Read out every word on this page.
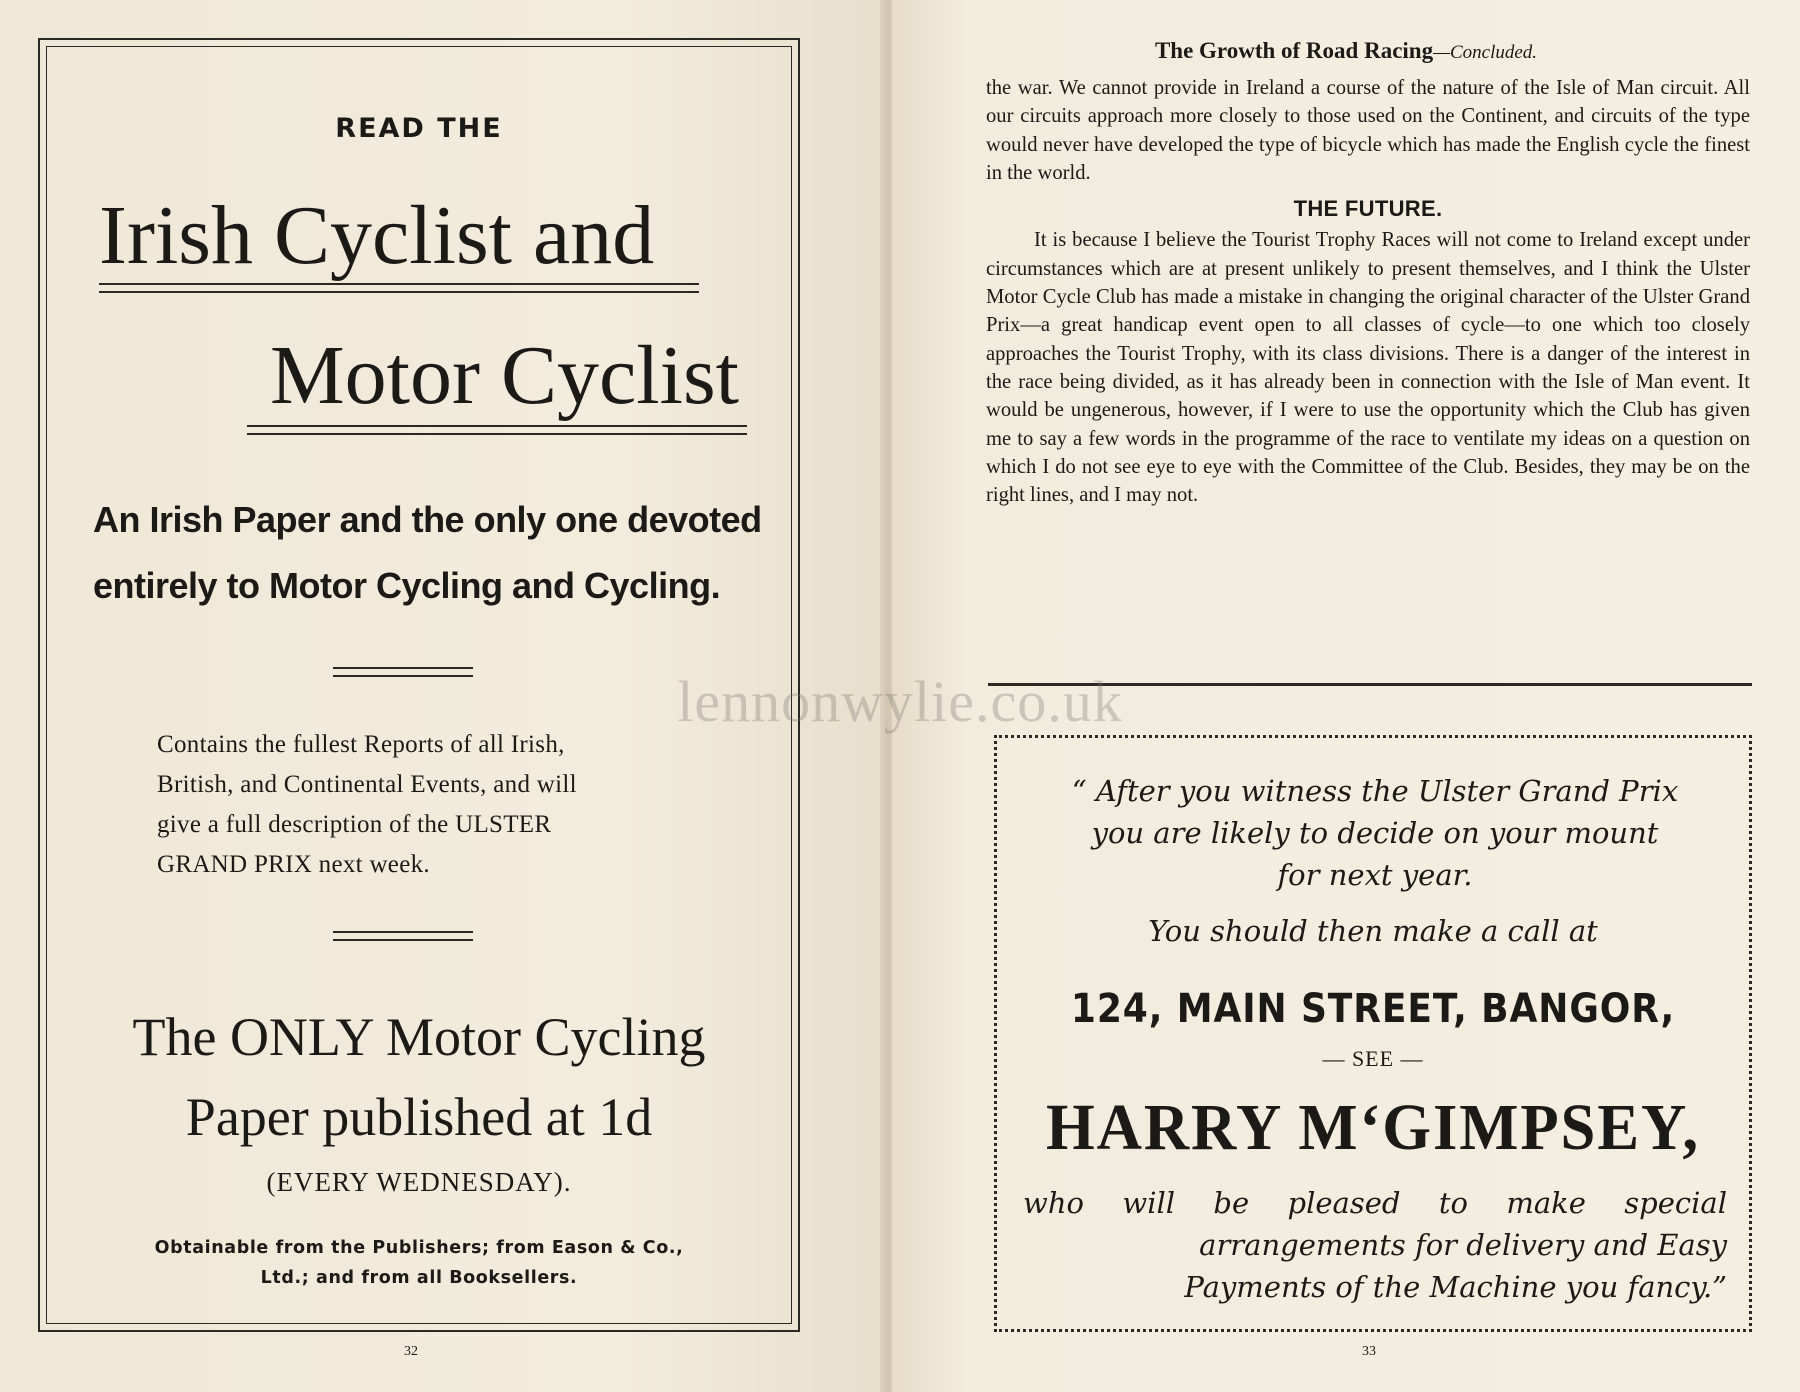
READ THE
Irish Cyclist and
Motor Cyclist
An Irish Paper and the only one devoted
entirely to Motor Cycling and Cycling.
Contains the fullest Reports of all Irish,
British, and Continental Events, and will
give a full description of the ULSTER
GRAND PRIX next week.
The ONLY Motor Cycling
Paper published at 1d
(EVERY WEDNESDAY).
Obtainable from the Publishers; from Eason & Co.,
Ltd.; and from all Booksellers.
32
The Growth of Road Racing—Concluded.
33

the war. We cannot provide in Ireland a course of the nature of the Isle of Man circuit. All our circuits approach more closely to those used on the Continent, and circuits of the type would never have developed the type of bicycle which has made the English cycle the finest in the world.

THE FUTURE.

It is because I believe the Tourist Trophy Races will not come to Ireland except under circumstances which are at present unlikely to present themselves, and I think the Ulster Motor Cycle Club has made a mistake in changing the original character of the Ulster Grand Prix—a great handicap event open to all classes of cycle—to one which too closely approaches the Tourist Trophy, with its class divisions. There is a danger of the interest in the race being divided, as it has already been in connection with the Isle of Man event. It would be ungenerous, however, if I were to use the opportunity which the Club has given me to say a few words in the programme of the race to ventilate my ideas on a question on which I do not see eye to eye with the Committee of the Club. Besides, they may be on the right lines, and I may not.

“ After you witness the Ulster Grand Prix
you are likely to decide on your mount
for next year.
You should then make a call at
124, MAIN STREET, BANGOR,
— SEE —
HARRY M‘GIMPSEY,
who will be pleased to make special
arrangements for delivery and Easy
Payments of the Machine you fancy.”
lennonwylie.co.uk
